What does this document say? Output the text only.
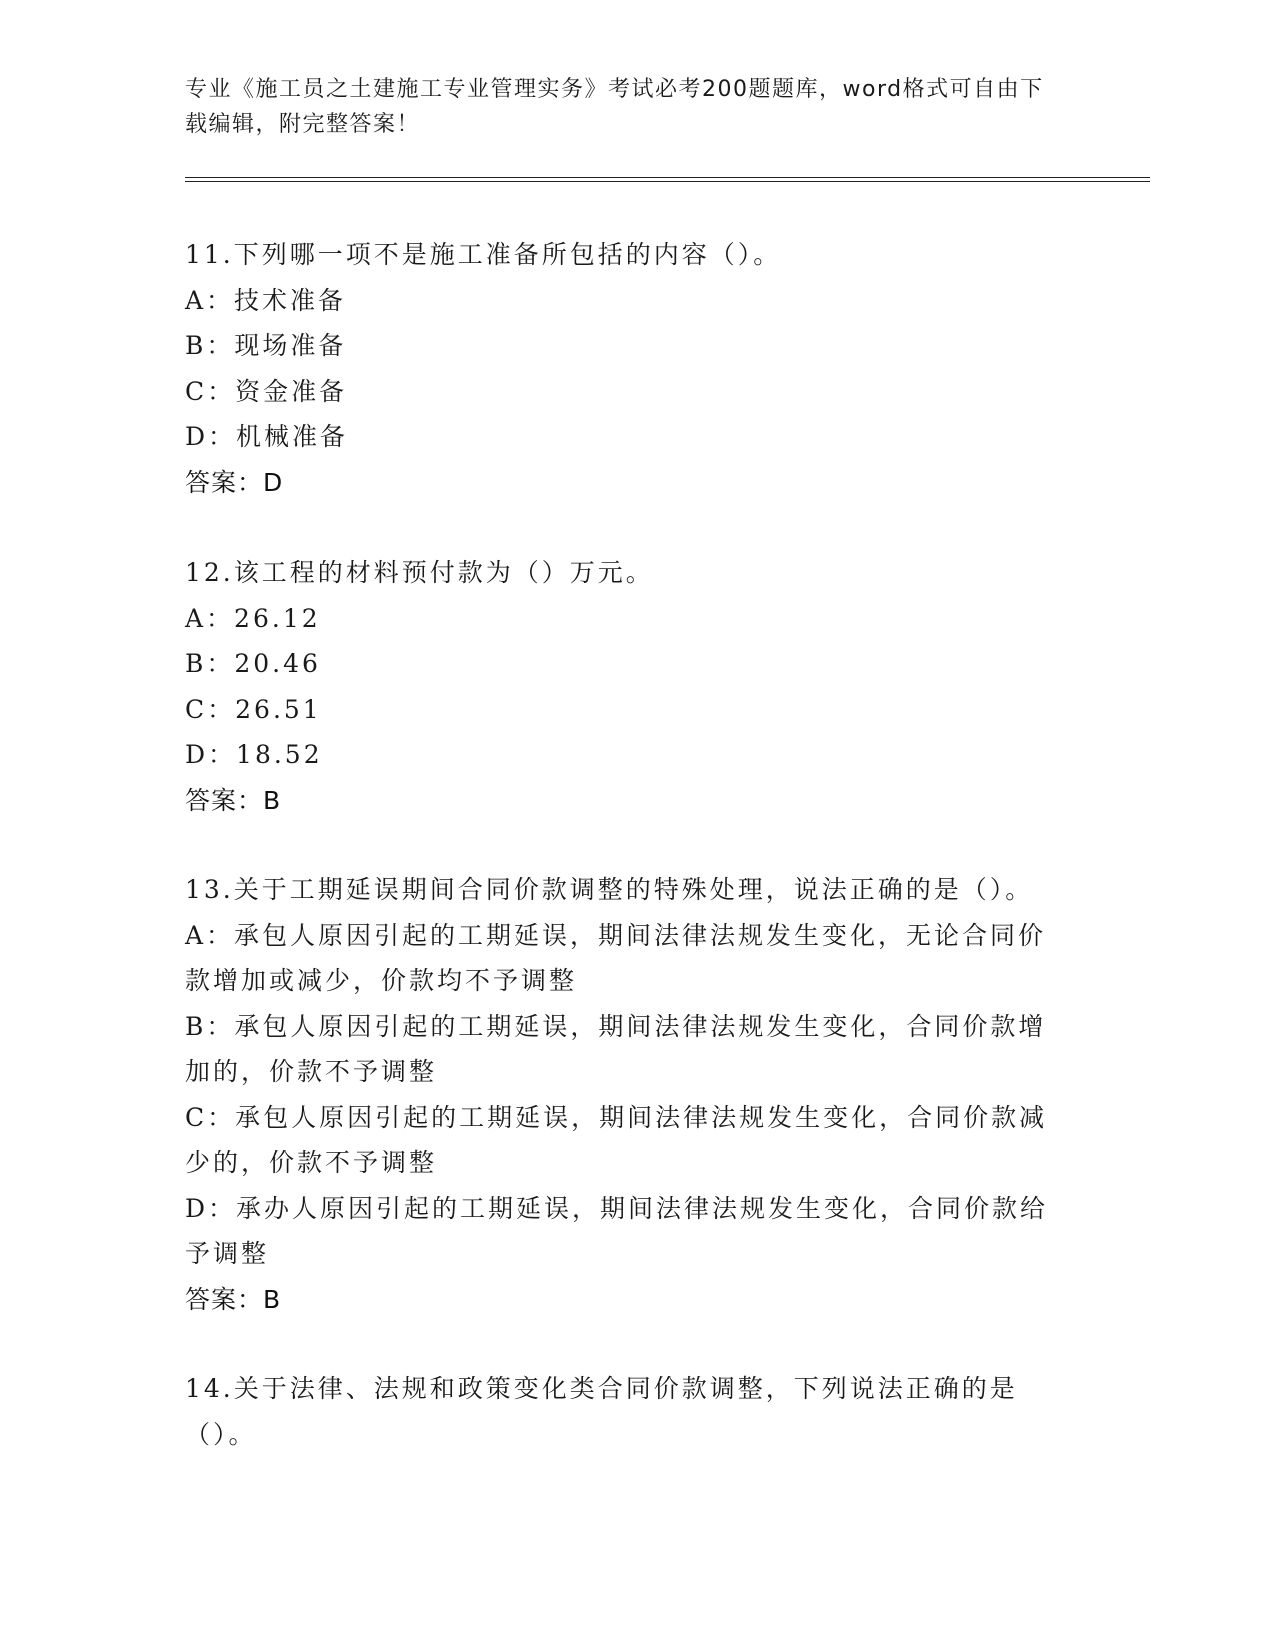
专业《施工员之土建施工专业管理实务》考试必考200题题库，word格式可自由下载编辑，附完整答案！
11.下列哪一项不是施工准备所包括的内容（）。
A：技术准备
B：现场准备
C：资金准备
D：机械准备
答案：D
12.该工程的材料预付款为（）万元。
A：26.12
B：20.46
C：26.51
D：18.52
答案：B
13.关于工期延误期间合同价款调整的特殊处理，说法正确的是（）。
A：承包人原因引起的工期延误，期间法律法规发生变化，无论合同价款增加或减少，价款均不予调整
B：承包人原因引起的工期延误，期间法律法规发生变化，合同价款增加的，价款不予调整
C：承包人原因引起的工期延误，期间法律法规发生变化，合同价款减少的，价款不予调整
D：承办人原因引起的工期延误，期间法律法规发生变化，合同价款给予调整
答案：B
14.关于法律、法规和政策变化类合同价款调整，下列说法正确的是（）。
